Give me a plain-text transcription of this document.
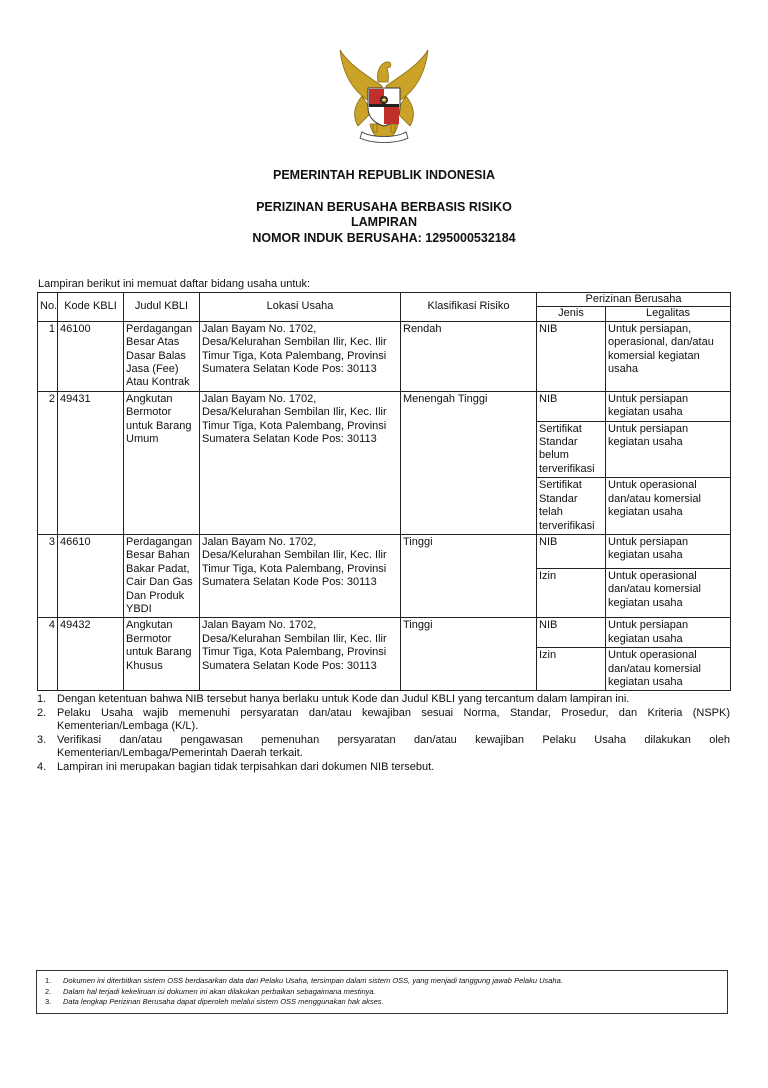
PEMERINTAH REPUBLIK INDONESIA
PERIZINAN BERUSAHA BERBASIS RISIKO
LAMPIRAN
NOMOR INDUK BERUSAHA: 1295000532184
Lampiran berikut ini memuat daftar bidang usaha untuk:
No.	Kode KBLI	Judul KBLI	Lokasi Usaha	Klasifikasi Risiko	Perizinan Berusaha	
					Jenis	Legalitas
1	46100	Perdagangan Besar Atas Dasar Balas Jasa (Fee) Atau Kontrak	Jalan Bayam No. 1702, Desa/Kelurahan Sembilan Ilir, Kec. Ilir Timur Tiga, Kota Palembang, Provinsi Sumatera Selatan Kode Pos: 30113	Rendah	NIB	Untuk persiapan, operasional, dan/atau komersial kegiatan usaha
2	49431	Angkutan Bermotor untuk Barang Umum	Jalan Bayam No. 1702, Desa/Kelurahan Sembilan Ilir, Kec. Ilir Timur Tiga, Kota Palembang, Provinsi Sumatera Selatan Kode Pos: 30113	Menengah Tinggi	NIB	Untuk persiapan kegiatan usaha
					Sertifikat Standar belum terverifikasi	Untuk persiapan kegiatan usaha
					Sertifikat Standar telah terverifikasi	Untuk operasional dan/atau komersial kegiatan usaha
3	46610	Perdagangan Besar Bahan Bakar Padat, Cair Dan Gas Dan Produk YBDI	Jalan Bayam No. 1702, Desa/Kelurahan Sembilan Ilir, Kec. Ilir Timur Tiga, Kota Palembang, Provinsi Sumatera Selatan Kode Pos: 30113	Tinggi	NIB	Untuk persiapan kegiatan usaha
					Izin	Untuk operasional dan/atau komersial kegiatan usaha
4	49432	Angkutan Bermotor untuk Barang Khusus	Jalan Bayam No. 1702, Desa/Kelurahan Sembilan Ilir, Kec. Ilir Timur Tiga, Kota Palembang, Provinsi Sumatera Selatan Kode Pos: 30113	Tinggi	NIB	Untuk persiapan kegiatan usaha
					Izin	Untuk operasional dan/atau komersial kegiatan usaha
1. Dengan ketentuan bahwa NIB tersebut hanya berlaku untuk Kode dan Judul KBLI yang tercantum dalam lampiran ini.
2. Pelaku Usaha wajib memenuhi persyaratan dan/atau kewajiban sesuai Norma, Standar, Prosedur, dan Kriteria (NSPK) Kementerian/Lembaga (K/L).
3. Verifikasi dan/atau pengawasan pemenuhan persyaratan dan/atau kewajiban Pelaku Usaha dilakukan oleh Kementerian/Lembaga/Pemerintah Daerah terkait.
4. Lampiran ini merupakan bagian tidak terpisahkan dari dokumen NIB tersebut.
1.	Dokumen ini diterbitkan sistem OSS berdasarkan data dari Pelaku Usaha, tersimpan dalam sistem OSS, yang menjadi tanggung jawab Pelaku Usaha.
2.	Dalam hal terjadi kekeliruan isi dokumen ini akan dilakukan perbaikan sebagaimana mestinya.
3.	Data lengkap Perizinan Berusaha dapat diperoleh melalui sistem OSS menggunakan hak akses.
